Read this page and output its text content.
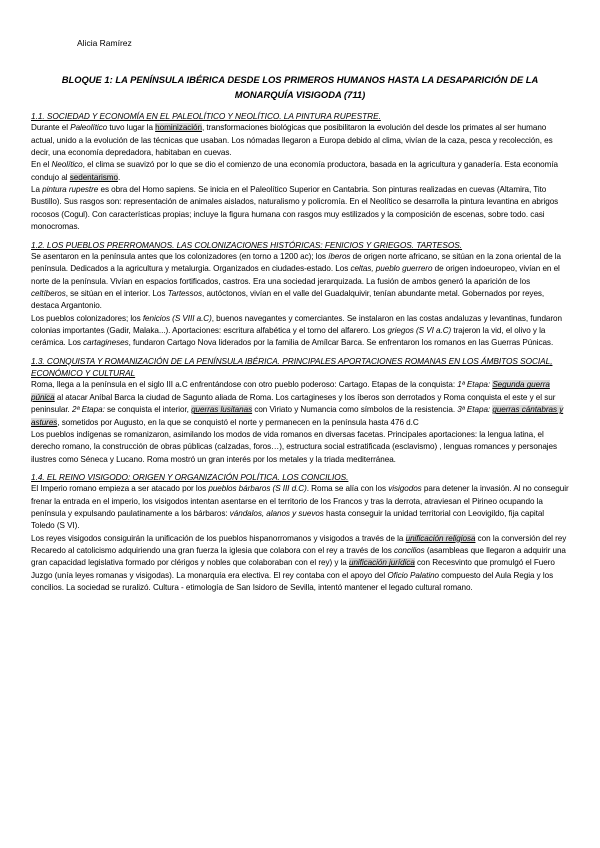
Alicia Ramírez
BLOQUE 1: LA PENÍNSULA IBÉRICA DESDE LOS PRIMEROS HUMANOS HASTA LA DESAPARICIÓN DE LA MONARQUÍA VISIGODA (711)
1.1. SOCIEDAD Y ECONOMÍA EN EL PALEOLÍTICO Y NEOLÍTICO. LA PINTURA RUPESTRE.

Durante el Paleolítico tuvo lugar la hominización, transformaciones biológicas que posibilitaron la evolución del desde los primates al ser humano actual, unido a la evolución de las técnicas que usaban. Los nómadas llegaron a Europa debido al clima, vivían de la caza, pesca y recolección, es decir, una economía depredadora, habitaban en cuevas.

En el Neolítico, el clima se suavizó por lo que se dio el comienzo de una economía productora, basada en la agricultura y ganadería. Esta economía condujo al sedentarismo.

La pintura rupestre es obra del Homo sapiens. Se inicia en el Paleolítico Superior en Cantabria. Son pinturas realizadas en cuevas (Altamira, Tito Bustillo). Sus rasgos son: representación de animales aislados, naturalismo y policromía. En el Neolítico se desarrolla la pintura levantina en abrigos rocosos (Cogul). Con características propias; incluye la figura humana con rasgos muy estilizados y la composición de escenas, sobre todo. casi monocromas.

1.2. LOS PUEBLOS PRERROMANOS. LAS COLONIZACIONES HISTÓRICAS: FENICIOS Y GRIEGOS. TARTESOS.

Se asentaron en la península antes que los colonizadores (en torno a 1200 ac); los íberos de origen norte africano, se sitúan en la zona oriental de la península. Dedicados a la agricultura y metalurgia. Organizados en ciudades-estado. Los celtas, pueblo guerrero de origen indoeuropeo, vivían en el norte de la península. Vivían en espacios fortificados, castros. Era una sociedad jerarquizada. La fusión de ambos generó la aparición de los celtíberos, se sitúan en el interior. Los Tartessos, autóctonos, vivían en el valle del Guadalquivir, tenían abundante metal. Gobernados por reyes, destaca Argantonio.

Los pueblos colonizadores; los fenicios (S VIII a.C), buenos navegantes y comerciantes. Se instalaron en las costas andaluzas y levantinas, fundaron colonias importantes (Gadir, Malaka...). Aportaciones: escritura alfabética y el torno del alfarero. Los griegos (S VI a.C) trajeron la vid, el olivo y la cerámica. Los cartagineses, fundaron Cartago Nova liderados por la familia de Amílcar Barca. Se enfrentaron los romanos en las Guerras Púnicas.

1.3. CONQUISTA Y ROMANIZACIÓN DE LA PENÍNSULA IBÉRICA. PRINCIPALES APORTACIONES ROMANAS EN LOS ÁMBITOS SOCIAL, ECONÓMICO Y CULTURAL

Roma, llega a la península en el siglo III a.C enfrentándose con otro pueblo poderoso: Cartago. Etapas de la conquista: 1ª Etapa: Segunda guerra púnica al atacar Aníbal Barca la ciudad de Sagunto aliada de Roma. Los cartagineses y los íberos son derrotados y Roma conquista el este y el sur peninsular. 2ª Etapa: se conquista el interior, guerras lusitanas con Viriato y Numancia como símbolos de la resistencia. 3ª Etapa: guerras cántabras y astures, sometidos por Augusto, en la que se conquistó el norte y permanecen en la península hasta 476 d.C

Los pueblos indígenas se romanizaron, asimilando los modos de vida romanos en diversas facetas. Principales aportaciones: la lengua latina, el derecho romano, la construcción de obras públicas (calzadas, foros…), estructura social estratificada (esclavismo) , lenguas romances y personajes ilustres como Séneca y Lucano. Roma mostró un gran interés por los metales y la triada mediterránea.

1.4. EL REINO VISIGODO: ORIGEN Y ORGANIZACIÓN POLÍTICA. LOS CONCILIOS.

El Imperio romano empieza a ser atacado por los pueblos bárbaros (S III d.C). Roma se alía con los visigodos para detener la invasión. Al no conseguir frenar la entrada en el imperio, los visigodos intentan asentarse en el territorio de los Francos y tras la derrota, atraviesan el Pirineo ocupando la península y expulsando paulatinamente a los bárbaros: vándalos, alanos y suevos hasta conseguir la unidad territorial con Leovigildo, fija capital Toledo (S VI).

Los reyes visigodos consiguirán la unificación de los pueblos hispanorromanos y visigodos a través de la unificación religiosa con la conversión del rey Recaredo al catolicismo adquiriendo una gran fuerza la iglesia que colabora con el rey a través de los concilios (asambleas que llegaron a adquirir una gran capacidad legislativa formado por clérigos y nobles que colaboraban con el rey) y la unificación jurídica con Recesvinto que promulgó el Fuero Juzgo (unía leyes romanas y visigodas). La monarquía era electiva. El rey contaba con el apoyo del Oficio Palatino compuesto del Aula Regia y los concilios. La sociedad se ruralizó. Cultura - etimología de San Isidoro de Sevilla, intentó mantener el legado cultural romano.
